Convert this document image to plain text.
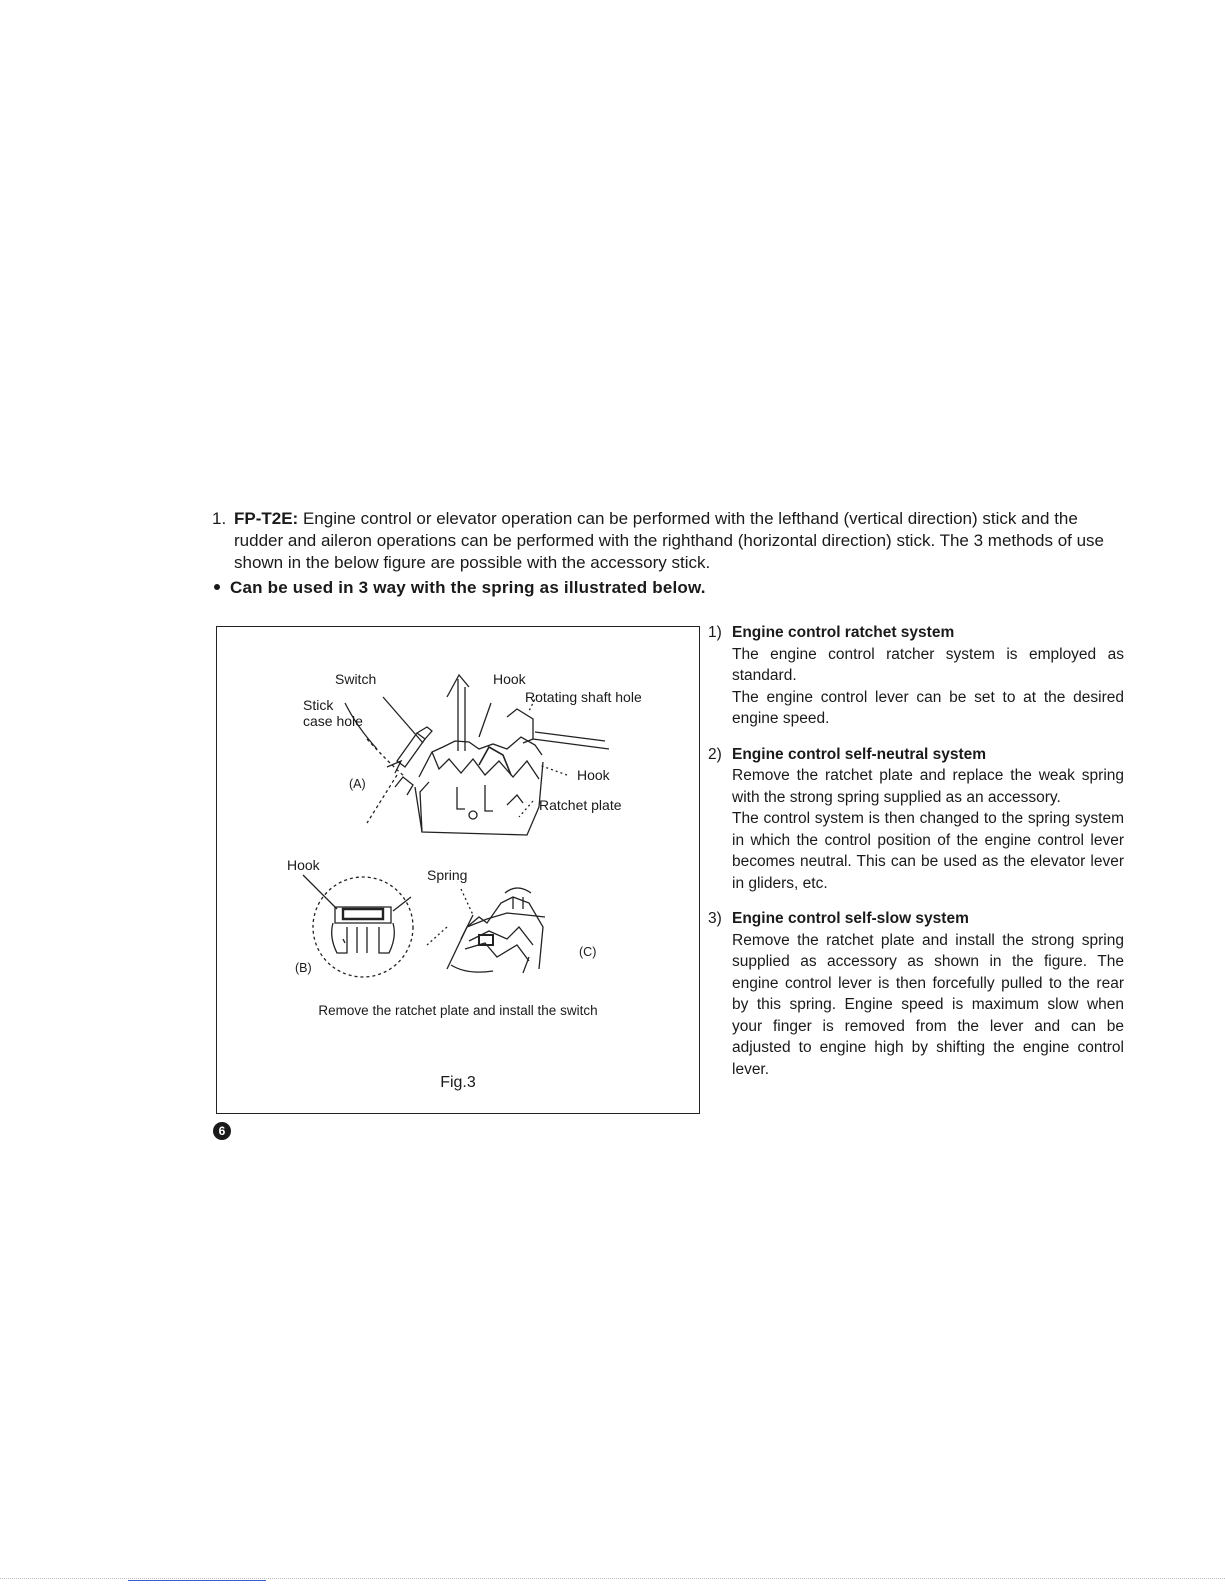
1. FP-T2E: Engine control or elevator operation can be performed with the lefthand (vertical direction) stick and the rudder and aileron operations can be performed with the righthand (horizontal direction) stick. The 3 methods of use shown in the below figure are possible with the accessory stick.
Can be used in 3 way with the spring as illustrated below.
Switch	Hook
Stick
case hole
Rotating shaft hole
Hook
(A)
Ratchet plate
Hook
Spring
(B)
(C)
Remove the ratchet plate and install the switch
Fig.3
1) Engine control ratchet system

The engine control ratcher system is employed as standard.

The engine control lever can be set to at the desired engine speed.

2) Engine control self-neutral system

Remove the ratchet plate and replace the weak spring with the strong spring supplied as an accessory.

The control system is then changed to the spring system in which the control position of the engine control lever becomes neutral. This can be used as the elevator lever in gliders, etc.

3) Engine control self-slow system

Remove the ratchet plate and install the strong spring supplied as accessory as shown in the figure. The engine control lever is then forcefully pulled to the rear by this spring. Engine speed is maximum slow when your finger is removed from the lever and can be adjusted to engine high by shifting the engine control lever.

6
